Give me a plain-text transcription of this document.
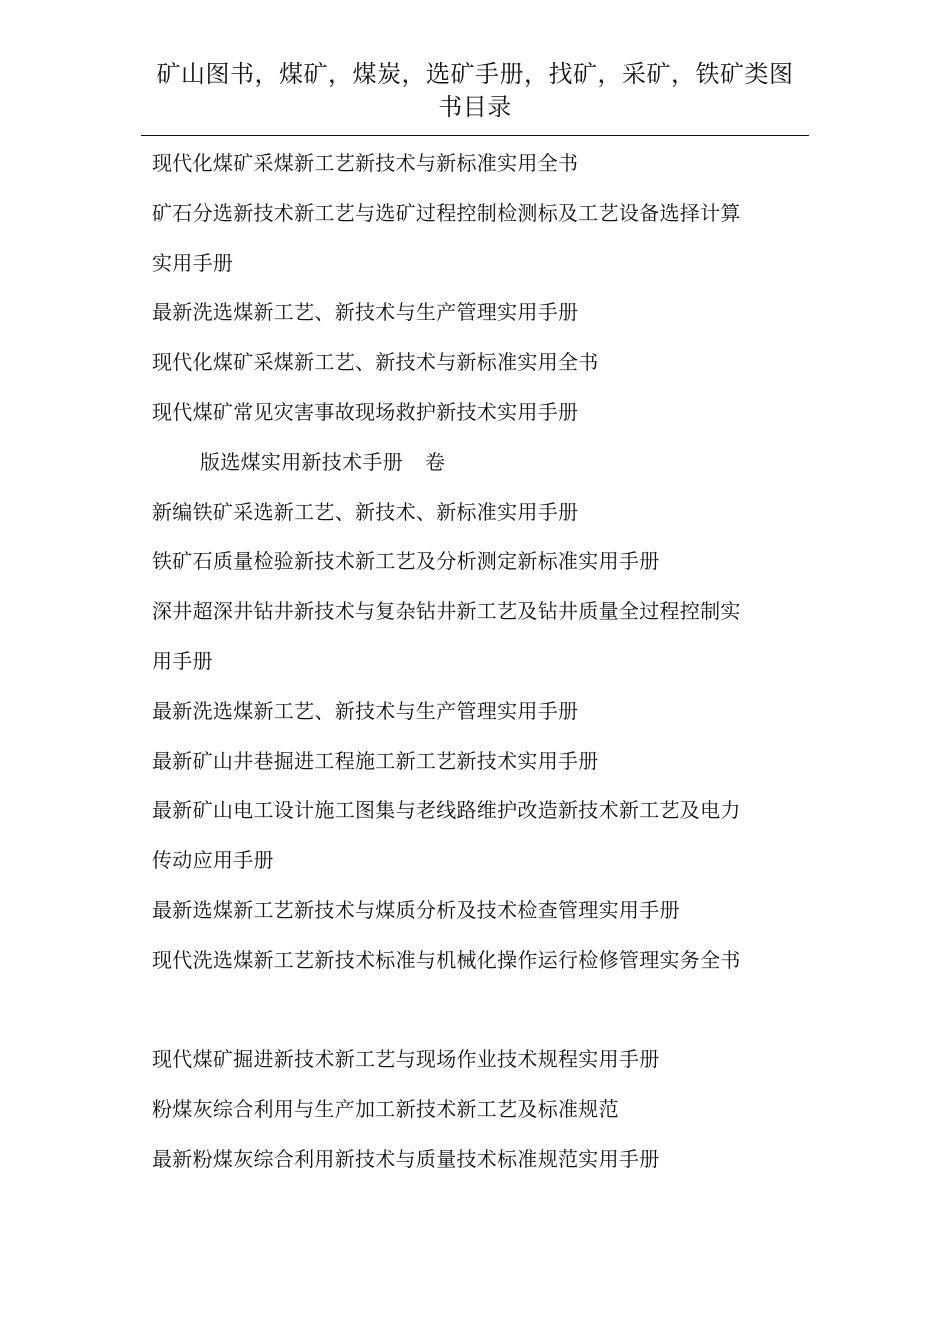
矿山图书，煤矿，煤炭，选矿手册，找矿，采矿，铁矿类图
书目录
现代化煤矿采煤新工艺新技术与新标准实用全书
矿石分选新技术新工艺与选矿过程控制检测标及工艺设备选择计算
实用手册
最新洗选煤新工艺、新技术与生产管理实用手册
现代化煤矿采煤新工艺、新技术与新标准实用全书
现代煤矿常见灾害事故现场救护新技术实用手册
版选煤实用新技术手册 卷
新编铁矿采选新工艺、新技术、新标准实用手册
铁矿石质量检验新技术新工艺及分析测定新标准实用手册
深井超深井钻井新技术与复杂钻井新工艺及钻井质量全过程控制实
用手册
最新洗选煤新工艺、新技术与生产管理实用手册
最新矿山井巷掘进工程施工新工艺新技术实用手册
最新矿山电工设计施工图集与老线路维护改造新技术新工艺及电力
传动应用手册
最新选煤新工艺新技术与煤质分析及技术检查管理实用手册
现代洗选煤新工艺新技术标准与机械化操作运行检修管理实务全书
现代煤矿掘进新技术新工艺与现场作业技术规程实用手册
粉煤灰综合利用与生产加工新技术新工艺及标准规范
最新粉煤灰综合利用新技术与质量技术标准规范实用手册
